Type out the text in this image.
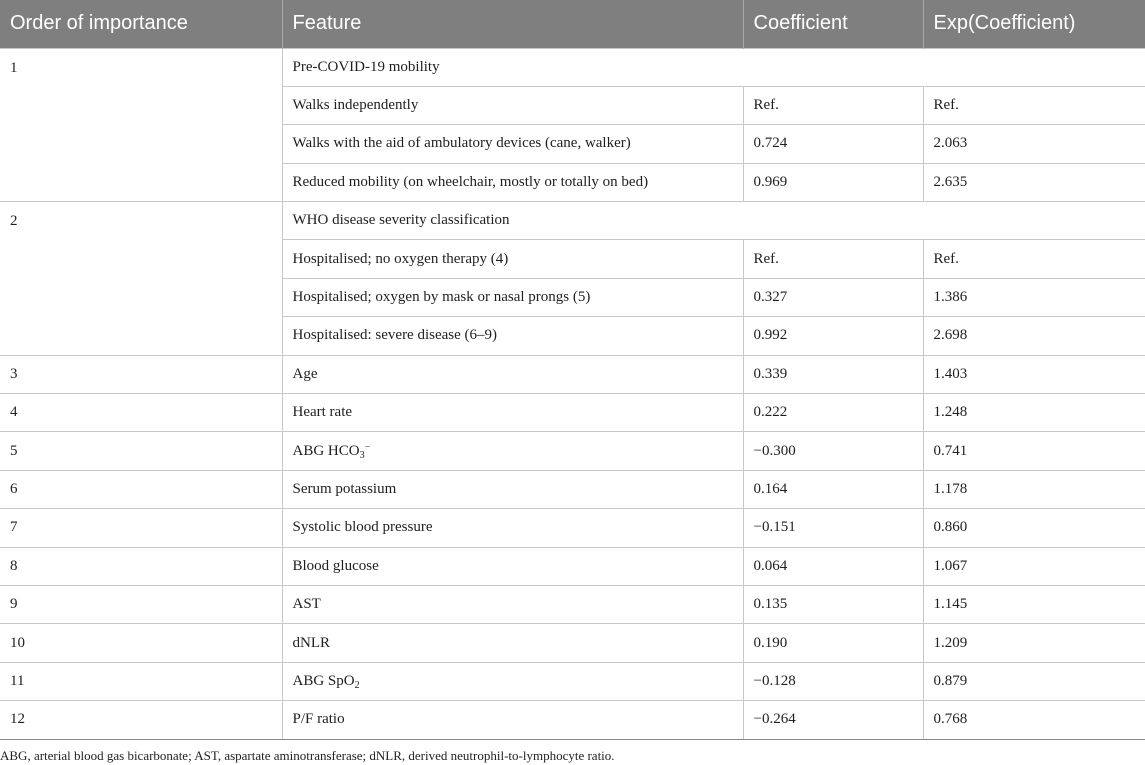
Order of importance	Feature	Coefficient	Exp(Coefficient)
1	Pre-COVID-19 mobility		
	Walks independently	Ref.	Ref.
	Walks with the aid of ambulatory devices (cane, walker)	0.724	2.063
	Reduced mobility (on wheelchair, mostly or totally on bed)	0.969	2.635
2	WHO disease severity classification		
	Hospitalised; no oxygen therapy (4)	Ref.	Ref.
	Hospitalised; oxygen by mask or nasal prongs (5)	0.327	1.386
	Hospitalised: severe disease (6–9)	0.992	2.698
3	Age	0.339	1.403
4	Heart rate	0.222	1.248
5	ABG $HCO_3^-$	−0.300	0.741
6	Serum potassium	0.164	1.178
7	Systolic blood pressure	−0.151	0.860
8	Blood glucose	0.064	1.067
9	AST	0.135	1.145
10	dNLR	0.190	1.209
11	ABG SpO$_2$	−0.128	0.879
12	P/F ratio	−0.264	0.768
ABG, arterial blood gas bicarbonate; AST, aspartate aminotransferase; dNLR, derived neutrophil-to-lymphocyte ratio.
